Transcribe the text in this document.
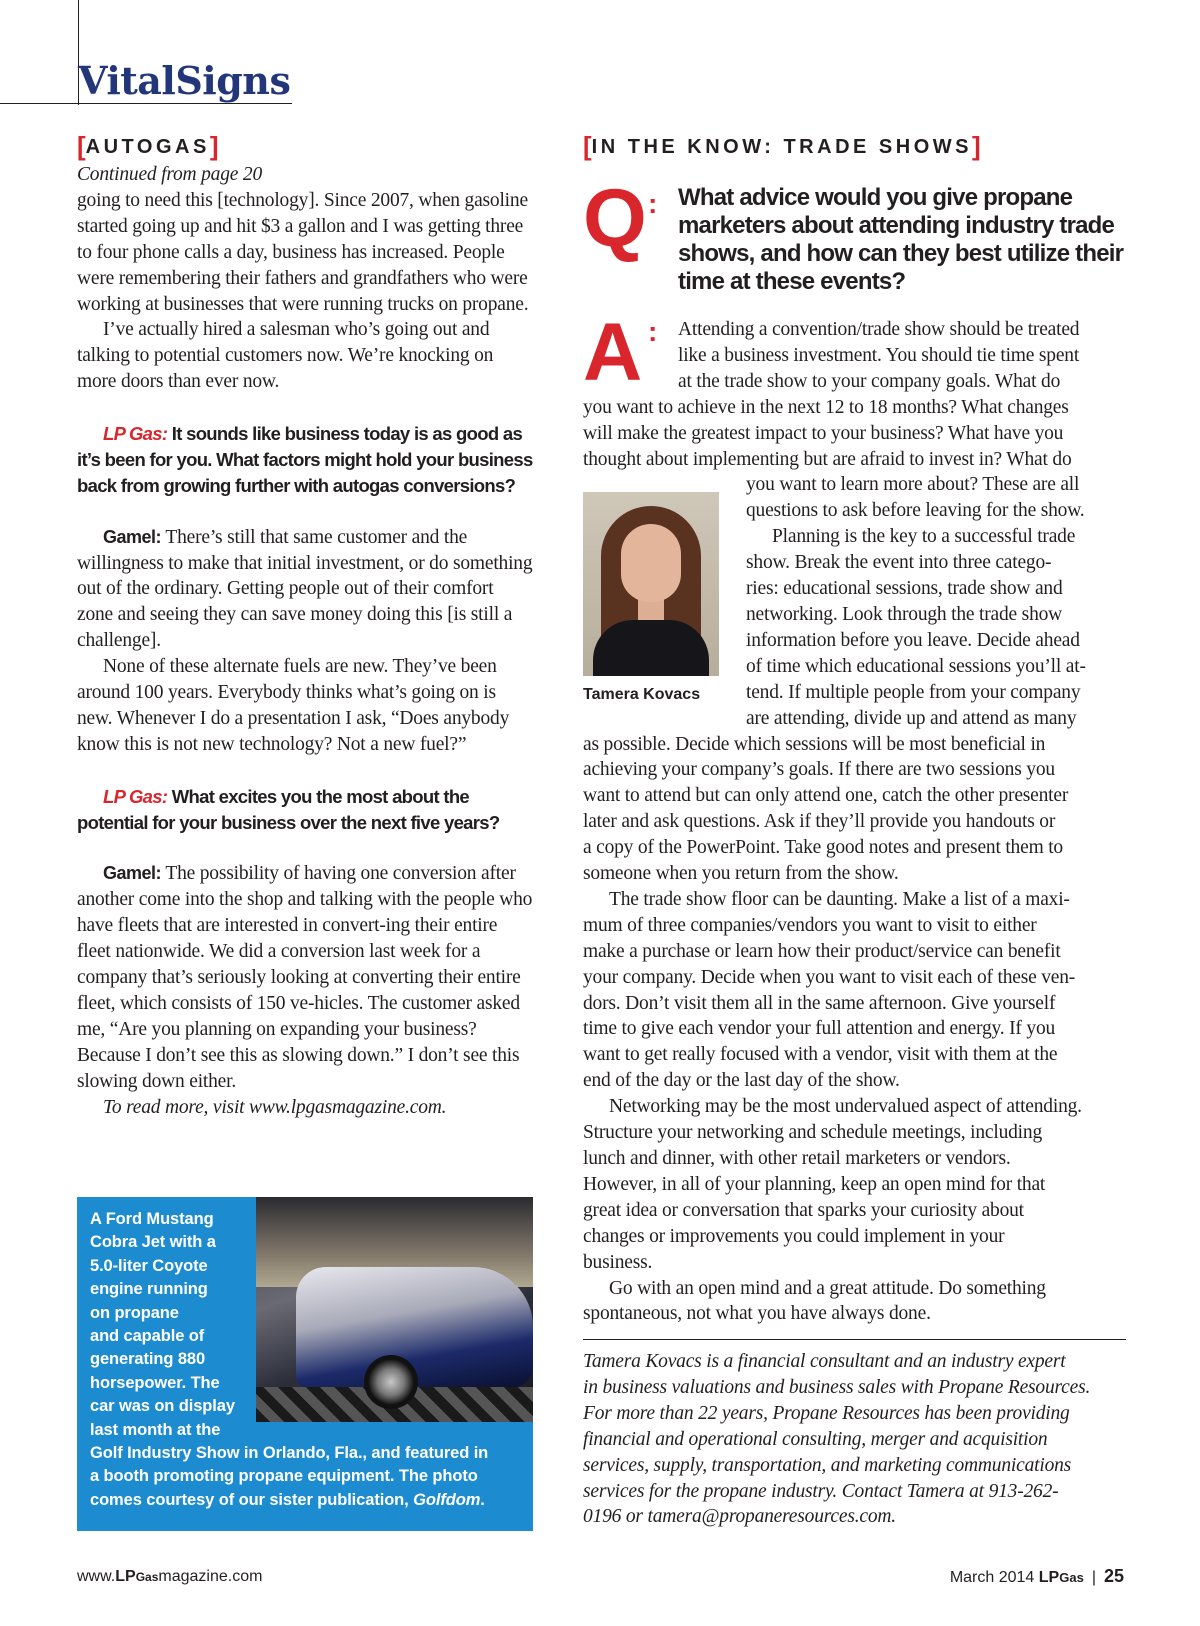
VitalSigns
[AUTOGAS]	[IN THE KNOW: TRADE SHOWS]

Continued from page 20

going to need this [technology]. Since 2007, when gasoline started going up and hit $3 a gallon and I was getting three to four phone calls a day, business has increased. People were remembering their fathers and grandfathers who were working at businesses that were running trucks on propane.

I’ve actually hired a salesman who’s going out and talking to potential customers now. We’re knocking on more doors than ever now.

LP Gas: It sounds like business today is as good as it’s been for you. What factors might hold your business back from growing further with autogas conversions?

Gamel: There’s still that same customer and the willingness to make that initial investment, or do something out of the ordinary. Getting people out of their comfort zone and seeing they can save money doing this [is still a challenge].

None of these alternate fuels are new. They’ve been around 100 years. Everybody thinks what’s going on is new. Whenever I do a presentation I ask, “Does anybody know this is not new technology? Not a new fuel?”

LP Gas: What excites you the most about the potential for your business over the next five years?

Gamel: The possibility of having one conversion after another come into the shop and talking with the people who have fleets that are interested in convert-ing their entire fleet nationwide. We did a conversion last week for a company that’s seriously looking at converting their entire fleet, which consists of 150 ve-hicles. The customer asked me, “Are you planning on expanding your business? Because I don’t see this as slowing down.” I don’t see this slowing down either.

To read more, visit www.lpgasmagazine.com.

A Ford Mustang
Cobra Jet with a
5.0-liter Coyote
engine running
on propane
and capable of
generating 880
horsepower. The
car was on display
last month at the
Golf Industry Show in Orlando, Fla., and featured in
a booth promoting propane equipment. The photo
comes courtesy of our sister publication, Golfdom.
Q : What advice would you give propane marketers about attending industry trade shows, and how can they best utilize their time at these events?
A :	Attending a convention/trade show should be treated
like a business investment. You should tie time spent
at the trade show to your company goals. What do
you want to achieve in the next 12 to 18 months? What changes
will make the greatest impact to your business? What have you
thought about implementing but are afraid to invest in? What do
you want to learn more about? These are all
questions to ask before leaving for the show.
Planning is the key to a successful trade
show. Break the event into three catego-
ries: educational sessions, trade show and
networking. Look through the trade show
information before you leave. Decide ahead
of time which educational sessions you’ll at-
tend. If multiple people from your company
are attending, divide up and attend as many
as possible. Decide which sessions will be most beneficial in
achieving your company’s goals. If there are two sessions you
want to attend but can only attend one, catch the other presenter
later and ask questions. Ask if they’ll provide you handouts or
a copy of the PowerPoint. Take good notes and present them to
someone when you return from the show.
The trade show floor can be daunting. Make a list of a maxi-
mum of three companies/vendors you want to visit to either
make a purchase or learn how their product/service can benefit
your company. Decide when you want to visit each of these ven-
dors. Don’t visit them all in the same afternoon. Give yourself
time to give each vendor your full attention and energy. If you
want to get really focused with a vendor, visit with them at the
end of the day or the last day of the show.
Networking may be the most undervalued aspect of attending.
Structure your networking and schedule meetings, including
lunch and dinner, with other retail marketers or vendors.
However, in all of your planning, keep an open mind for that
great idea or conversation that sparks your curiosity about
changes or improvements you could implement in your
business.
Go with an open mind and a great attitude. Do something
spontaneous, not what you have always done.
Tamera Kovacs
Tamera Kovacs is a financial consultant and an industry expert
in business valuations and business sales with Propane Resources.
For more than 22 years, Propane Resources has been providing
financial and operational consulting, merger and acquisition
services, supply, transportation, and marketing communications
services for the propane industry. Contact Tamera at 913-262-
0196 or tamera@propaneresources.com.
www.LPGasmagazine.com	March 2014 LPGas | 25
